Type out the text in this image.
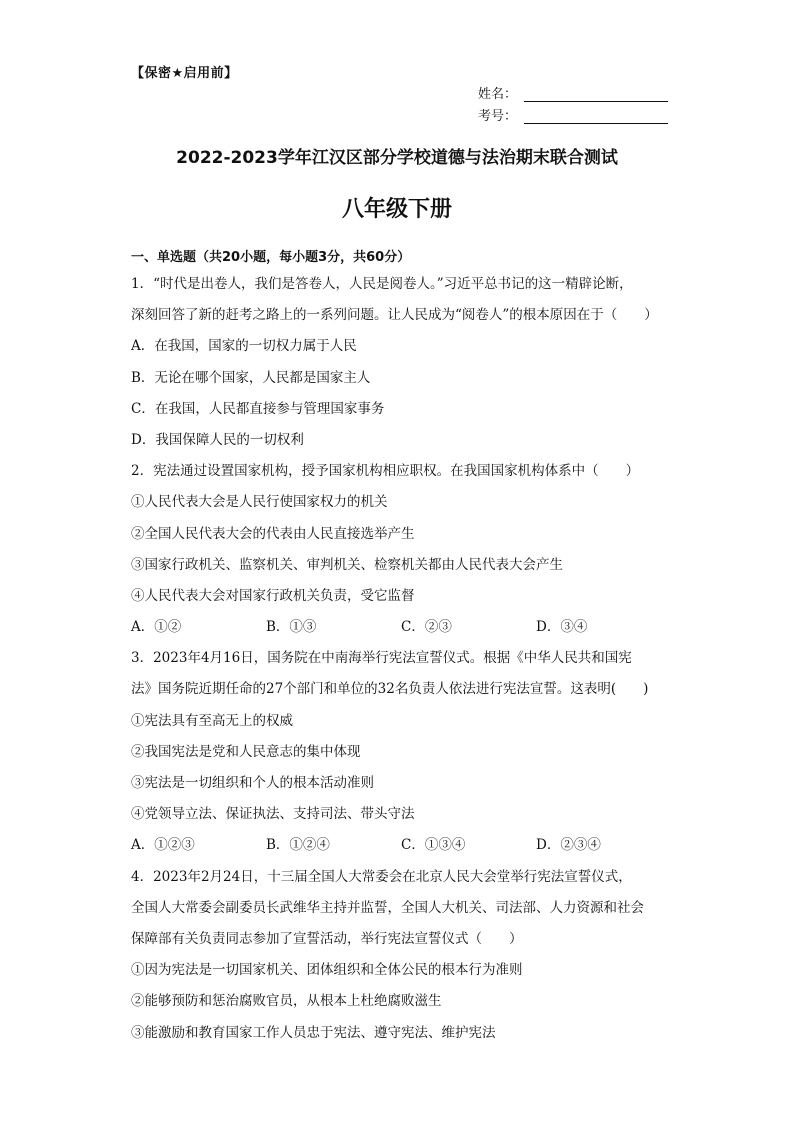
【保密★启用前】
姓名：
考号：
2022-2023学年江汉区部分学校道德与法治期末联合测试
八年级下册
一、单选题（共20小题，每小题3分，共60分）
1．“时代是出卷人，我们是答卷人，人民是阅卷人。”习近平总书记的这一精辟论断，
深刻回答了新的赶考之路上的一系列问题。让人民成为“阅卷人”的根本原因在于（　　）
A．在我国，国家的一切权力属于人民
B．无论在哪个国家，人民都是国家主人
C．在我国，人民都直接参与管理国家事务
D．我国保障人民的一切权利
2．宪法通过设置国家机构，授予国家机构相应职权。在我国国家机构体系中（　　）
①人民代表大会是人民行使国家权力的机关
②全国人民代表大会的代表由人民直接选举产生
③国家行政机关、监察机关、审判机关、检察机关都由人民代表大会产生
④人民代表大会对国家行政机关负责，受它监督
A．①②	B．①③	C．②③	D．③④
3．2023年4月16日，国务院在中南海举行宪法宣誓仪式。根据《中华人民共和国宪
法》国务院近期任命的27个部门和单位的32名负责人依法进行宪法宣誓。这表明(　　)
①宪法具有至高无上的权威
②我国宪法是党和人民意志的集中体现
③宪法是一切组织和个人的根本活动准则
④党领导立法、保证执法、支持司法、带头守法
A．①②③	B．①②④	C．①③④	D．②③④
4．2023年2月24日，十三届全国人大常委会在北京人民大会堂举行宪法宣誓仪式，
全国人大常委会副委员长武维华主持并监誓，全国人大机关、司法部、人力资源和社会
保障部有关负责同志参加了宣誓活动，举行宪法宣誓仪式（　　）
①因为宪法是一切国家机关、团体组织和全体公民的根本行为准则
②能够预防和惩治腐败官员，从根本上杜绝腐败滋生
③能激励和教育国家工作人员忠于宪法、遵守宪法、维护宪法
